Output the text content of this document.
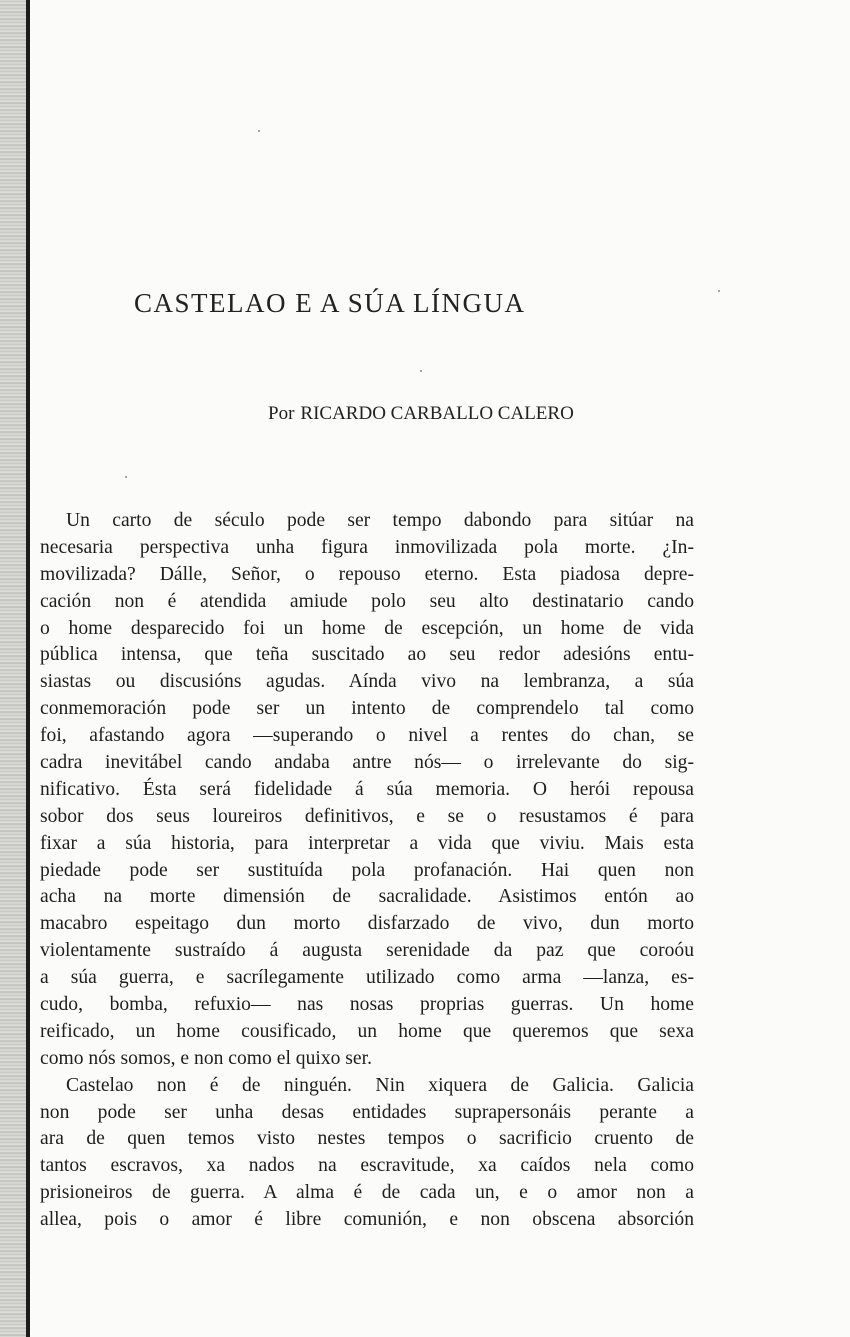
CASTELAO E A SÚA LÍNGUA
Por RICARDO CARBALLO CALERO
Un carto de século pode ser tempo dabondo para sitúar na
necesaria perspectiva unha figura inmovilizada pola morte. ¿In-
movilizada? Dálle, Señor, o repouso eterno. Esta piadosa depre-
cación non é atendida amiude polo seu alto destinatario cando
o home desparecido foi un home de escepción, un home de vida
pública intensa, que teña suscitado ao seu redor adesións entu-
siastas ou discusións agudas. Aínda vivo na lembranza, a súa
conmemoración pode ser un intento de comprendelo tal como
foi, afastando agora —superando o nivel a rentes do chan, se
cadra inevitábel cando andaba antre nós— o irrelevante do sig-
nificativo. Ésta será fidelidade á súa memoria. O herói repousa
sobor dos seus loureiros definitivos, e se o resustamos é para
fixar a súa historia, para interpretar a vida que viviu. Mais esta
piedade pode ser sustituída pola profanación. Hai quen non
acha na morte dimensión de sacralidade. Asistimos entón ao
macabro espeitago dun morto disfarzado de vivo, dun morto
violentamente sustraído á augusta serenidade da paz que coroóu
a súa guerra, e sacrílegamente utilizado como arma —lanza, es-
cudo, bomba, refuxio— nas nosas proprias guerras. Un home
reificado, un home cousificado, un home que queremos que sexa
como nós somos, e non como el quixo ser.
Castelao non é de ninguén. Nin xiquera de Galicia. Galicia
non pode ser unha desas entidades suprapersonáis perante a
ara de quen temos visto nestes tempos o sacrificio cruento de
tantos escravos, xa nados na escravitude, xa caídos nela como
prisioneiros de guerra. A alma é de cada un, e o amor non a
allea, pois o amor é libre comunión, e non obscena absorción
